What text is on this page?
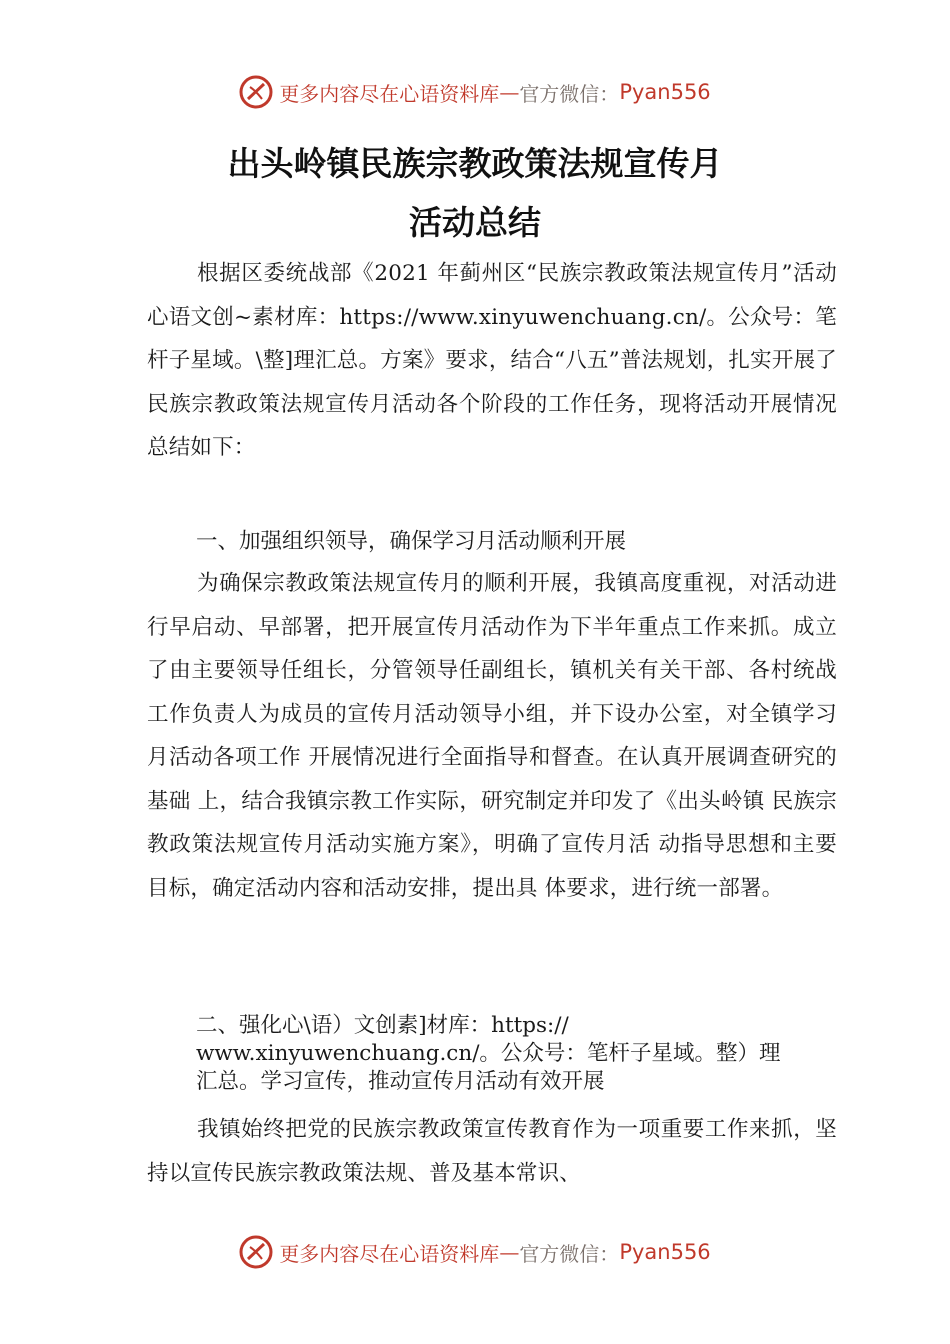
更多内容尽在心语资料库 — 官方微信： Pyan556
出头岭镇民族宗教政策法规宣传月
活动总结
根据区委统战部《2021 年蓟州区“民族宗教政策法规宣传月”活动心语文创~素材库：https://www.xinyuwenchuang.cn/。公众号：笔杆子星域。\整]理汇总。方案》要求，结合“八五”普法规划，扎实开展了民族宗教政策法规宣传月活动各个阶段的工作任务，现将活动开展情况总结如下：
一、加强组织领导，确保学习月活动顺利开展
为确保宗教政策法规宣传月的顺利开展，我镇高度重视，对活动进行早启动、早部署，把开展宣传月活动作为下半年重点工作来抓。成立了由主要领导任组长，分管领导任副组长，镇机关有关干部、各村统战工作负责人为成员的宣传月活动领导小组，并下设办公室，对全镇学习月活动各项工作 开展情况进行全面指导和督查。在认真开展调查研究的基础 上，结合我镇宗教工作实际，研究制定并印发了《出头岭镇 民族宗教政策法规宣传月活动实施方案》，明确了宣传月活 动指导思想和主要目标，确定活动内容和活动安排，提出具 体要求，进行统一部署。
二、强化心\语）文创素]材库：https://
www.xinyuwenchuang.cn/。公众号：笔杆子星域。整）理
汇总。学习宣传，推动宣传月活动有效开展
我镇始终把党的民族宗教政策宣传教育作为一项重要工作来抓，坚持以宣传民族宗教政策法规、普及基本常识、
更多内容尽在心语资料库 — 官方微信： Pyan556
